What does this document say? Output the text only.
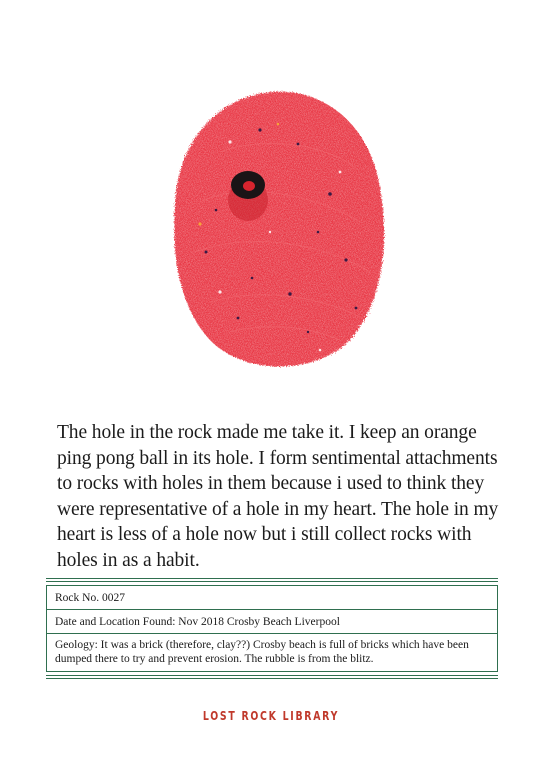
The hole in the rock made me take it. I keep an orange ping pong ball in its hole. I form sentimental attachments to rocks with holes in them because i used to think they were representative of a hole in my heart. The hole in my heart is less of a hole now but i still collect rocks with holes in as a habit.

Rock No. 0027
Date and Location Found: Nov 2018 Crosby Beach Liverpool
Geology: It was a brick (therefore, clay??) Crosby beach is full of bricks which have been dumped there to try and prevent erosion. The rubble is from the blitz.
LOST ROCK LIBRARY
